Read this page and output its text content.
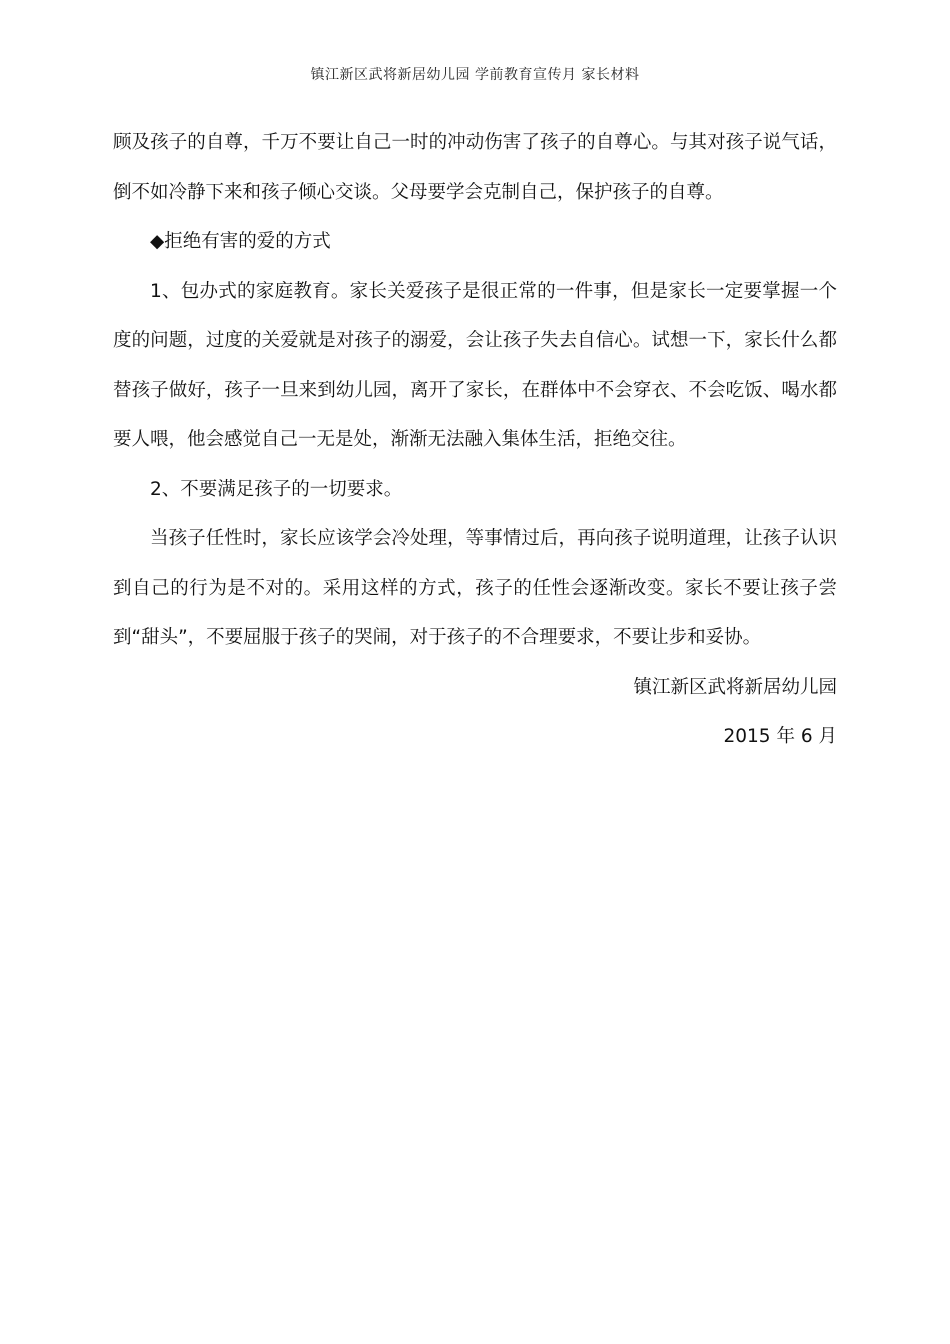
镇江新区武将新居幼儿园 学前教育宣传月 家长材料

顾及孩子的自尊，千万不要让自己一时的冲动伤害了孩子的自尊心。与其对孩子说气话，倒不如冷静下来和孩子倾心交谈。父母要学会克制自己，保护孩子的自尊。

◆拒绝有害的爱的方式

1、包办式的家庭教育。家长关爱孩子是很正常的一件事，但是家长一定要掌握一个度的问题，过度的关爱就是对孩子的溺爱，会让孩子失去自信心。试想一下，家长什么都替孩子做好，孩子一旦来到幼儿园，离开了家长，在群体中不会穿衣、不会吃饭、喝水都要人喂，他会感觉自己一无是处，渐渐无法融入集体生活，拒绝交往。

2、不要满足孩子的一切要求。

当孩子任性时，家长应该学会冷处理，等事情过后，再向孩子说明道理，让孩子认识到自己的行为是不对的。采用这样的方式，孩子的任性会逐渐改变。家长不要让孩子尝到“甜头”，不要屈服于孩子的哭闹，对于孩子的不合理要求，不要让步和妥协。

镇江新区武将新居幼儿园

2015 年 6 月
